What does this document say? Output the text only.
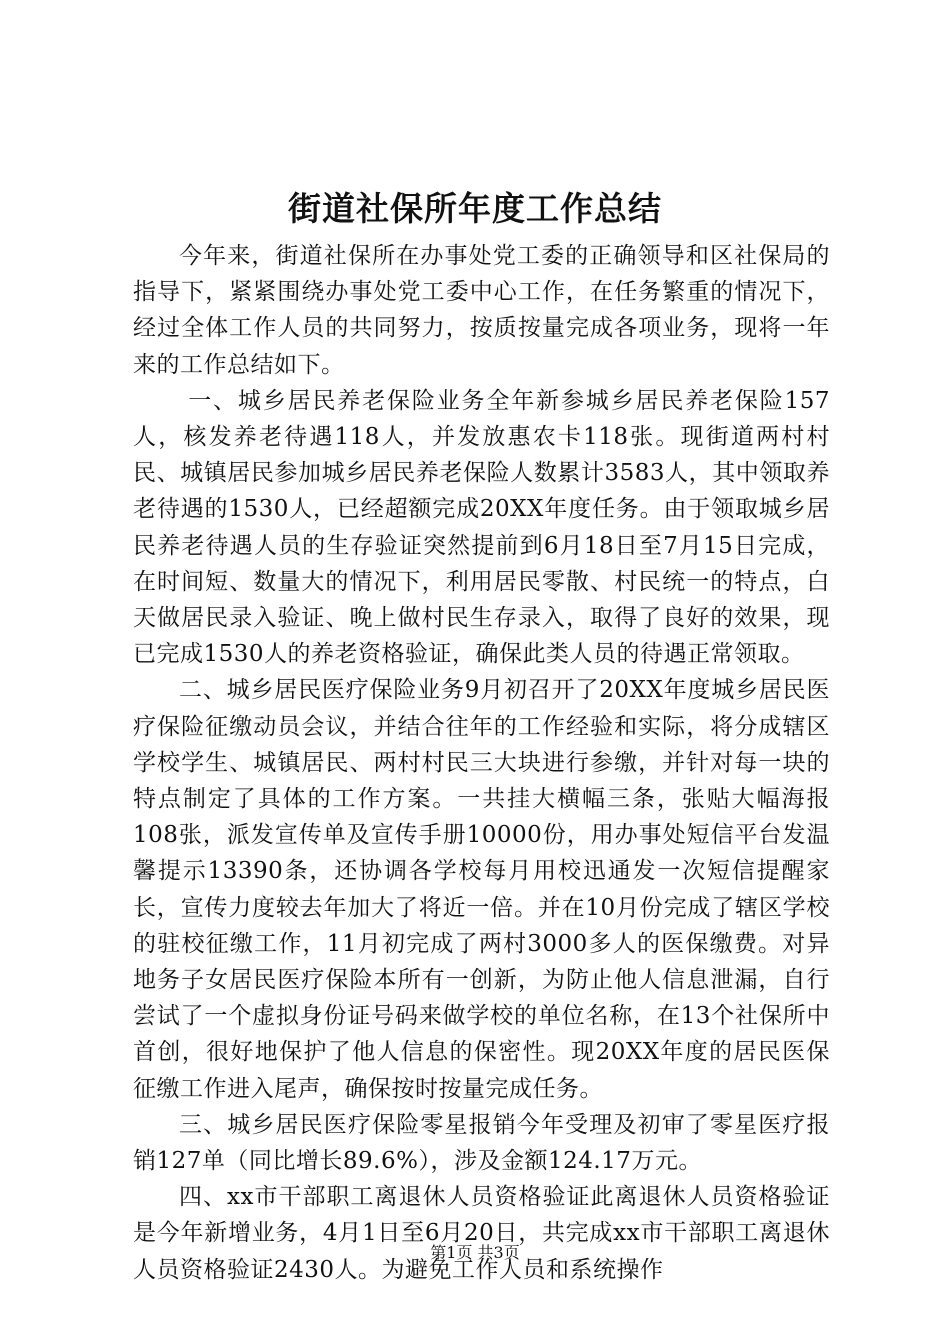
街道社保所年度工作总结

今年来，街道社保所在办事处党工委的正确领导和区社保局的指导下，紧紧围绕办事处党工委中心工作，在任务繁重的情况下，经过全体工作人员的共同努力，按质按量完成各项业务，现将一年来的工作总结如下。

一、城乡居民养老保险业务全年新参城乡居民养老保险157人，核发养老待遇118人，并发放惠农卡118张。现街道两村村民、城镇居民参加城乡居民养老保险人数累计3583人，其中领取养老待遇的1530人，已经超额完成20XX年度任务。由于领取城乡居民养老待遇人员的生存验证突然提前到6月18日至7月15日完成，在时间短、数量大的情况下，利用居民零散、村民统一的特点，白天做居民录入验证、晚上做村民生存录入，取得了良好的效果，现已完成1530人的养老资格验证，确保此类人员的待遇正常领取。

二、城乡居民医疗保险业务9月初召开了20XX年度城乡居民医疗保险征缴动员会议，并结合往年的工作经验和实际，将分成辖区学校学生、城镇居民、两村村民三大块进行参缴，并针对每一块的特点制定了具体的工作方案。一共挂大横幅三条，张贴大幅海报108张，派发宣传单及宣传手册10000份，用办事处短信平台发温馨提示13390条，还协调各学校每月用校迅通发一次短信提醒家长，宣传力度较去年加大了将近一倍。并在10月份完成了辖区学校的驻校征缴工作，11月初完成了两村3000多人的医保缴费。对异地务子女居民医疗保险本所有一创新，为防止他人信息泄漏，自行尝试了一个虚拟身份证号码来做学校的单位名称，在13个社保所中首创，很好地保护了他人信息的保密性。现20XX年度的居民医保征缴工作进入尾声，确保按时按量完成任务。

三、城乡居民医疗保险零星报销今年受理及初审了零星医疗报销127单（同比增长89.6%），涉及金额124.17万元。

四、xx市干部职工离退休人员资格验证此离退休人员资格验证是今年新增业务，4月1日至6月20日，共完成xx市干部职工离退休人员资格验证2430人。为避免工作人员和系统操作

第1页 共3页
